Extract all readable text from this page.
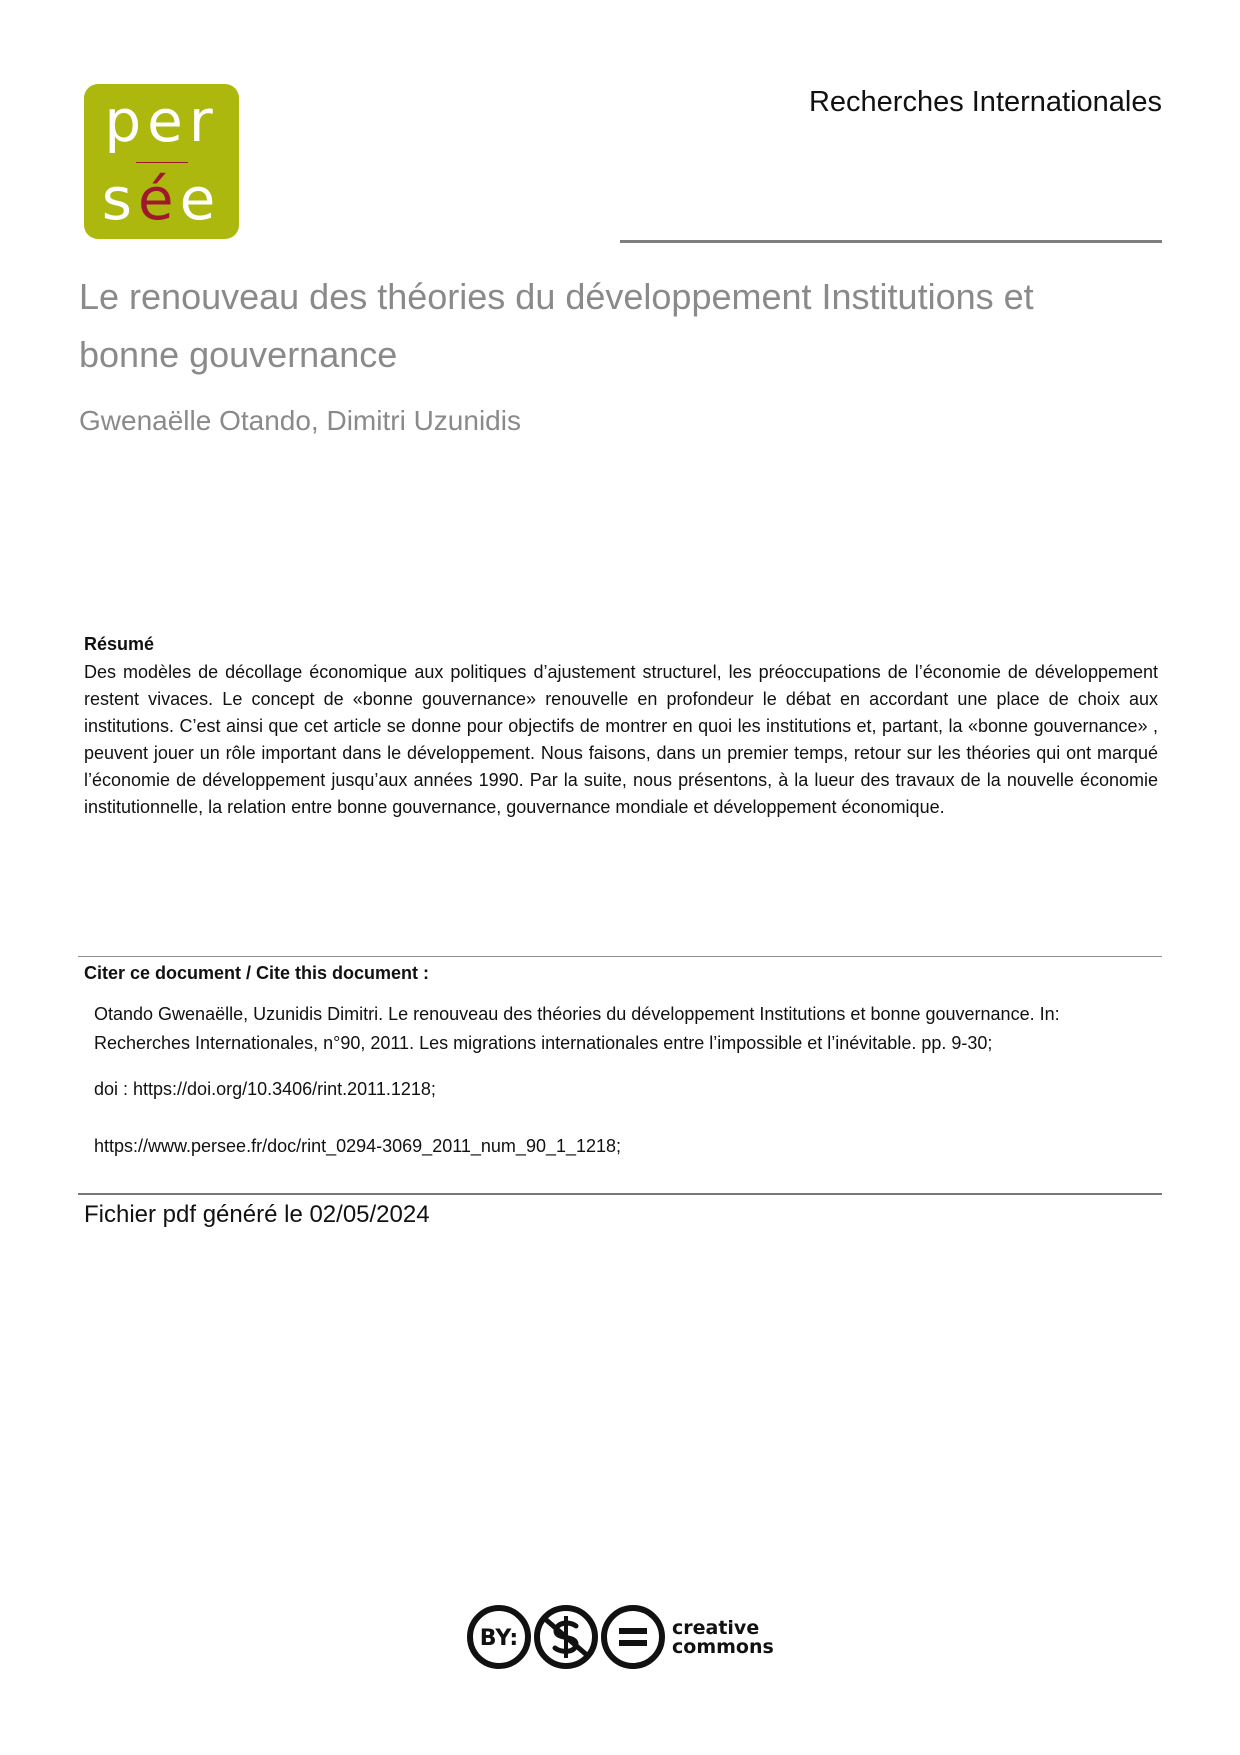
per
sée
Recherches Internationales
Le renouveau des théories du développement Institutions et bonne gouvernance
Gwenaëlle Otando, Dimitri Uzunidis
Résumé

Des modèles de décollage économique aux politiques d’ajustement structurel, les préoccupations de l’économie de développement restent vivaces. Le concept de «bonne gouvernance» renouvelle en profondeur le débat en accordant une place de choix aux institutions. C’est ainsi que cet article se donne pour objectifs de montrer en quoi les institutions et, partant, la «bonne gouvernance» , peuvent jouer un rôle important dans le développement. Nous faisons, dans un premier temps, retour sur les théories qui ont marqué l’économie de développement jusqu’aux années 1990. Par la suite, nous présentons, à la lueur des travaux de la nouvelle économie institutionnelle, la relation entre bonne gouvernance, gouvernance mondiale et développement économique.

Citer ce document / Cite this document :

Otando Gwenaëlle, Uzunidis Dimitri. Le renouveau des théories du développement Institutions et bonne gouvernance. In: Recherches Internationales, n°90, 2011. Les migrations internationales entre l’impossible et l’inévitable. pp. 9-30;

doi : https://doi.org/10.3406/rint.2011.1218;
https://www.persee.fr/doc/rint_0294-3069_2011_num_90_1_1218;
Fichier pdf généré le 02/05/2024
BY:	creative
commons
